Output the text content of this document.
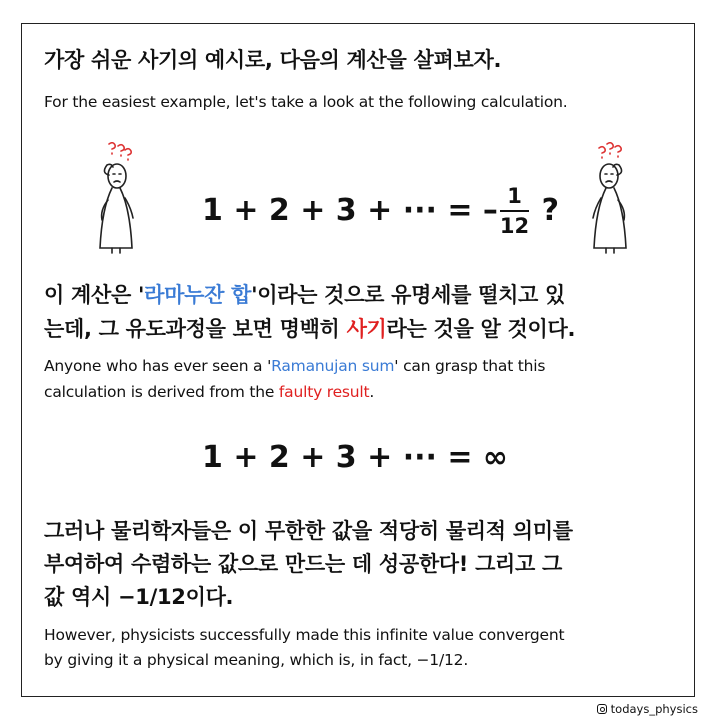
가장 쉬운 사기의 예시로, 다음의 계산을 살펴보자.
For the easiest example, let's take a look at the following calculation.
1 + 2 + 3 + ··· = – $\frac{1}{12}$ ?
이 계산은 '라마누잔 합'이라는 것으로 유명세를 떨치고 있
는데, 그 유도과정을 보면 명백히 사기라는 것을 알 것이다.
Anyone who has ever seen a 'Ramanujan sum' can grasp that this
calculation is derived from the faulty result.
1 + 2 + 3 + ··· = ∞
그러나 물리학자들은 이 무한한 값을 적당히 물리적 의미를
부여하여 수렴하는 값으로 만드는 데 성공한다! 그리고 그
값 역시 −1/12이다.
However, physicists successfully made this infinite value convergent
by giving it a physical meaning, which is, in fact, −1/12.
todays_physics
